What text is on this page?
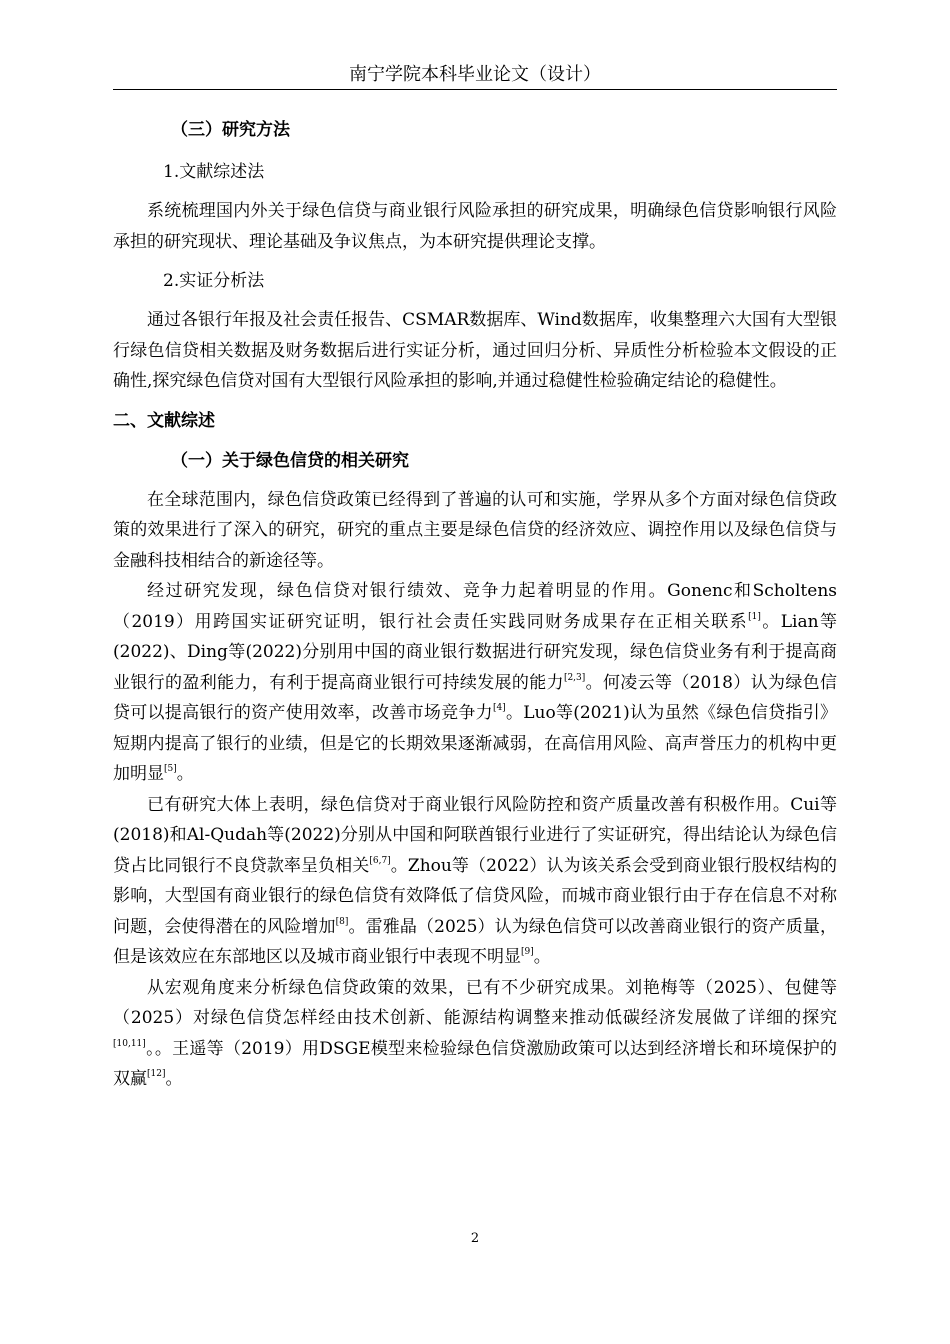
南宁学院本科毕业论文（设计）
（三）研究方法
1.文献综述法

系统梳理国内外关于绿色信贷与商业银行风险承担的研究成果，明确绿色信贷影响银行风险承担的研究现状、理论基础及争议焦点，为本研究提供理论支撑。

2.实证分析法

通过各银行年报及社会责任报告、CSMAR数据库、Wind数据库，收集整理六大国有大型银行绿色信贷相关数据及财务数据后进行实证分析，通过回归分析、异质性分析检验本文假设的正确性,探究绿色信贷对国有大型银行风险承担的影响,并通过稳健性检验确定结论的稳健性。

二、文献综述
（一）关于绿色信贷的相关研究

在全球范围内，绿色信贷政策已经得到了普遍的认可和实施，学界从多个方面对绿色信贷政策的效果进行了深入的研究，研究的重点主要是绿色信贷的经济效应、调控作用以及绿色信贷与金融科技相结合的新途径等。

经过研究发现，绿色信贷对银行绩效、竞争力起着明显的作用。Gonenc和Scholtens（2019）用跨国实证研究证明，银行社会责任实践同财务成果存在正相关联系[1]。Lian等(2022)、Ding等(2022)分别用中国的商业银行数据进行研究发现，绿色信贷业务有利于提高商业银行的盈利能力，有利于提高商业银行可持续发展的能力[2,3]。何凌云等（2018）认为绿色信贷可以提高银行的资产使用效率，改善市场竞争力[4]。Luo等(2021)认为虽然《绿色信贷指引》短期内提高了银行的业绩，但是它的长期效果逐渐减弱，在高信用风险、高声誉压力的机构中更加明显[5]。

已有研究大体上表明，绿色信贷对于商业银行风险防控和资产质量改善有积极作用。Cui等(2018)和Al-Qudah等(2022)分别从中国和阿联酋银行业进行了实证研究，得出结论认为绿色信贷占比同银行不良贷款率呈负相关[6,7]。Zhou等（2022）认为该关系会受到商业银行股权结构的影响，大型国有商业银行的绿色信贷有效降低了信贷风险，而城市商业银行由于存在信息不对称问题，会使得潜在的风险增加[8]。雷雅晶（2025）认为绿色信贷可以改善商业银行的资产质量，但是该效应在东部地区以及城市商业银行中表现不明显[9]。

从宏观角度来分析绿色信贷政策的效果，已有不少研究成果。刘艳梅等（2025）、包健等（2025）对绿色信贷怎样经由技术创新、能源结构调整来推动低碳经济发展做了详细的探究[10,11]。。王遥等（2019）用DSGE模型来检验绿色信贷激励政策可以达到经济增长和环境保护的双赢[12]。

2
